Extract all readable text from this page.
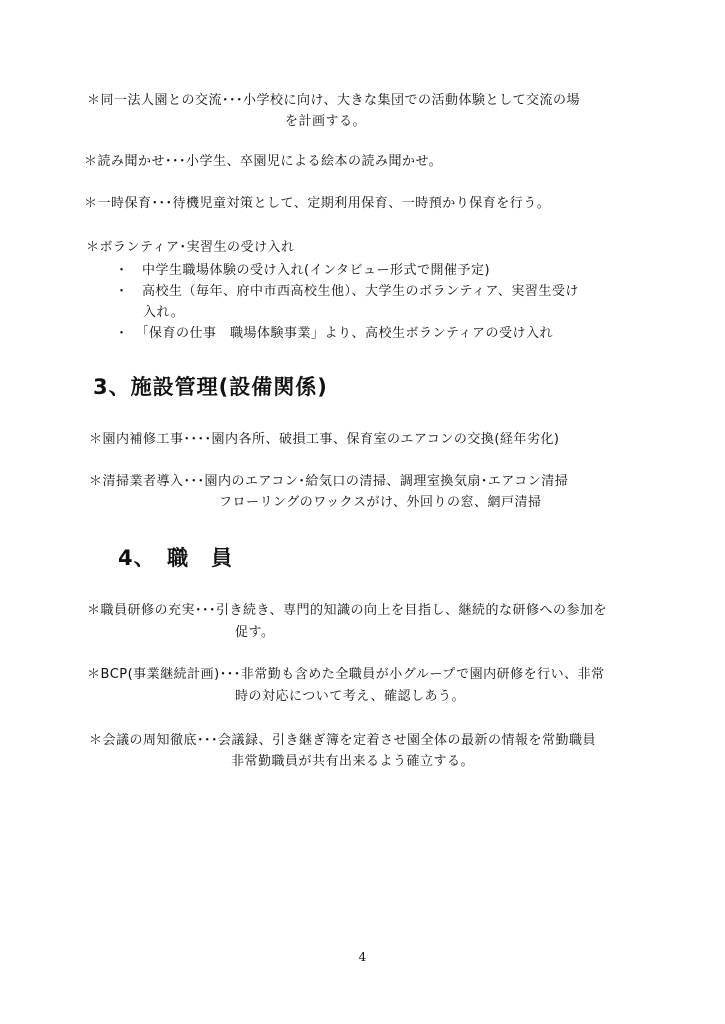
＊同一法人園との交流･･･小学校に向け、大きな集団での活動体験として交流の場
を計画する。
＊読み聞かせ･･･小学生、卒園児による絵本の読み聞かせ。
＊一時保育･･･待機児童対策として、定期利用保育、一時預かり保育を行う。
＊ボランティア･実習生の受け入れ
・　中学生職場体験の受け入れ(インタビュー形式で開催予定)
・　高校生（毎年、府中市西高校生他）、大学生のボランティア、実習生受け
入れ。
・　「保育の仕事　職場体験事業」より、高校生ボランティアの受け入れ
3、施設管理(設備関係)
＊園内補修工事････園内各所、破損工事、保育室のエアコンの交換(経年劣化)
＊清掃業者導入･･･園内のエアコン･給気口の清掃、調理室換気扇･エアコン清掃
フローリングのワックスがけ、外回りの窓、網戸清掃
4、　職　員
＊職員研修の充実･･･引き続き、専門的知識の向上を目指し、継続的な研修への参加を
促す。
＊BCP(事業継続計画)･･･非常勤も含めた全職員が小グループで園内研修を行い、非常
時の対応について考え、確認しあう。
＊会議の周知徹底･･･会議録、引き継ぎ簿を定着させ園全体の最新の情報を常勤職員
非常勤職員が共有出来るよう確立する。
4
